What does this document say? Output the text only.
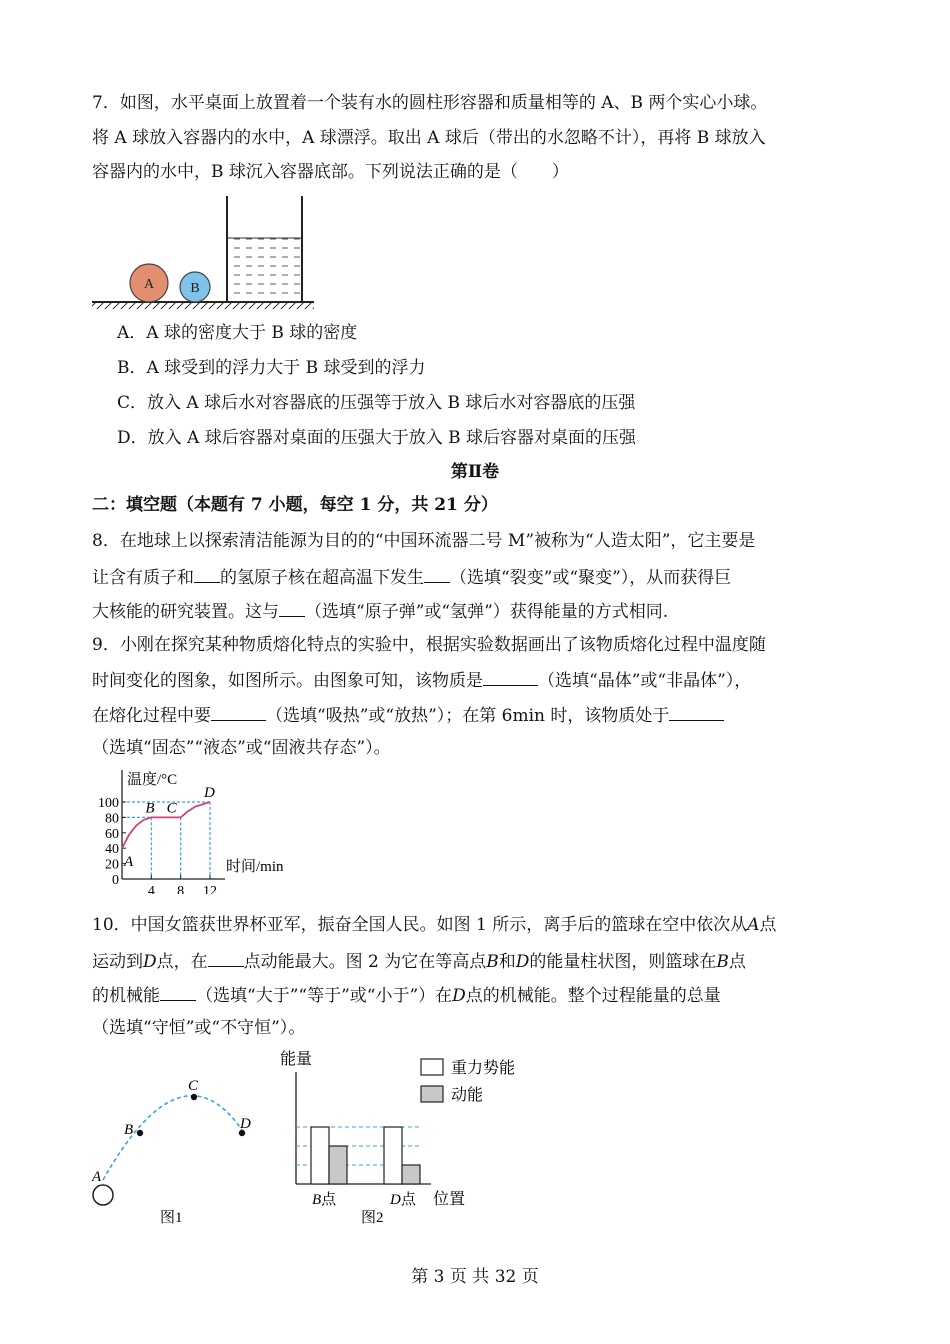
7．如图，水平桌面上放置着一个装有水的圆柱形容器和质量相等的 A、B 两个实心小球。
将 A 球放入容器内的水中，A 球漂浮。取出 A 球后（带出的水忽略不计），再将 B 球放入
容器内的水中，B 球沉入容器底部。下列说法正确的是（　　）
A	B
A．A 球的密度大于 B 球的密度
B．A 球受到的浮力大于 B 球受到的浮力
C．放入 A 球后水对容器底的压强等于放入 B 球后水对容器底的压强
D．放入 A 球后容器对桌面的压强大于放入 B 球后容器对桌面的压强
第Ⅱ卷
二：填空题（本题有 7 小题，每空 1 分，共 21 分）
8．在地球上以探索清洁能源为目的的“中国环流器二号 M”被称为“人造太阳”，它主要是
让含有质子和 的氢原子核在超高温下发生 （选填“裂变”或“聚变”），从而获得巨
大核能的研究装置。这与 （选填“原子弹”或“氢弹”）获得能量的方式相同.
9．小刚在探究某种物质熔化特点的实验中，根据实验数据画出了该物质熔化过程中温度随
时间变化的图象，如图所示。由图象可知，该物质是	（选填“晶体”或“非晶体”），
在熔化过程中要	（选填“吸热”或“放热”）；在第 6min 时，该物质处于
（选填“固态”“液态”或“固液共存态”）。
0
20
40
60
80
100
4 8 12
A
B C
D
温度/°C
时间/min
10．中国女篮获世界杯亚军，振奋全国人民。如图 1 所示，离手后的篮球在空中依次从A点
运动到D点，在 点动能最大。图 2 为它在等高点B和D的能量柱状图，则篮球在B点
的机械能 （选填“大于”“等于”或“小于”）在D点的机械能。整个过程能量的总量
（选填“守恒”或“不守恒”）。
A
B
C
D
图1
能量
B点	D点 位置
重力势能
动能
图2
第 3 页 共 32 页
